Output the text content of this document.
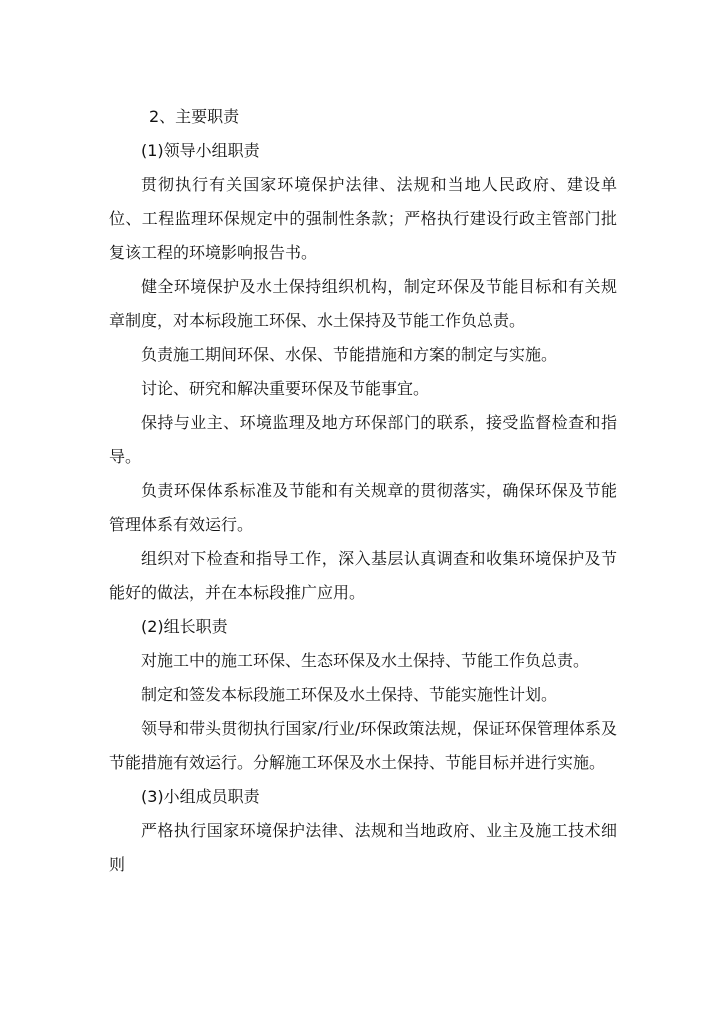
2、主要职责

(1)领导小组职责

贯彻执行有关国家环境保护法律、法规和当地人民政府、建设单位、工程监理环保规定中的强制性条款；严格执行建设行政主管部门批复该工程的环境影响报告书。

健全环境保护及水土保持组织机构，制定环保及节能目标和有关规章制度，对本标段施工环保、水土保持及节能工作负总责。

负责施工期间环保、水保、节能措施和方案的制定与实施。

讨论、研究和解决重要环保及节能事宜。

保持与业主、环境监理及地方环保部门的联系，接受监督检查和指导。

负责环保体系标准及节能和有关规章的贯彻落实，确保环保及节能管理体系有效运行。

组织对下检查和指导工作，深入基层认真调查和收集环境保护及节能好的做法，并在本标段推广应用。

(2)组长职责

对施工中的施工环保、生态环保及水土保持、节能工作负总责。

制定和签发本标段施工环保及水土保持、节能实施性计划。

领导和带头贯彻执行国家/行业/环保政策法规，保证环保管理体系及节能措施有效运行。分解施工环保及水土保持、节能目标并进行实施。

(3)小组成员职责

严格执行国家环境保护法律、法规和当地政府、业主及施工技术细则
